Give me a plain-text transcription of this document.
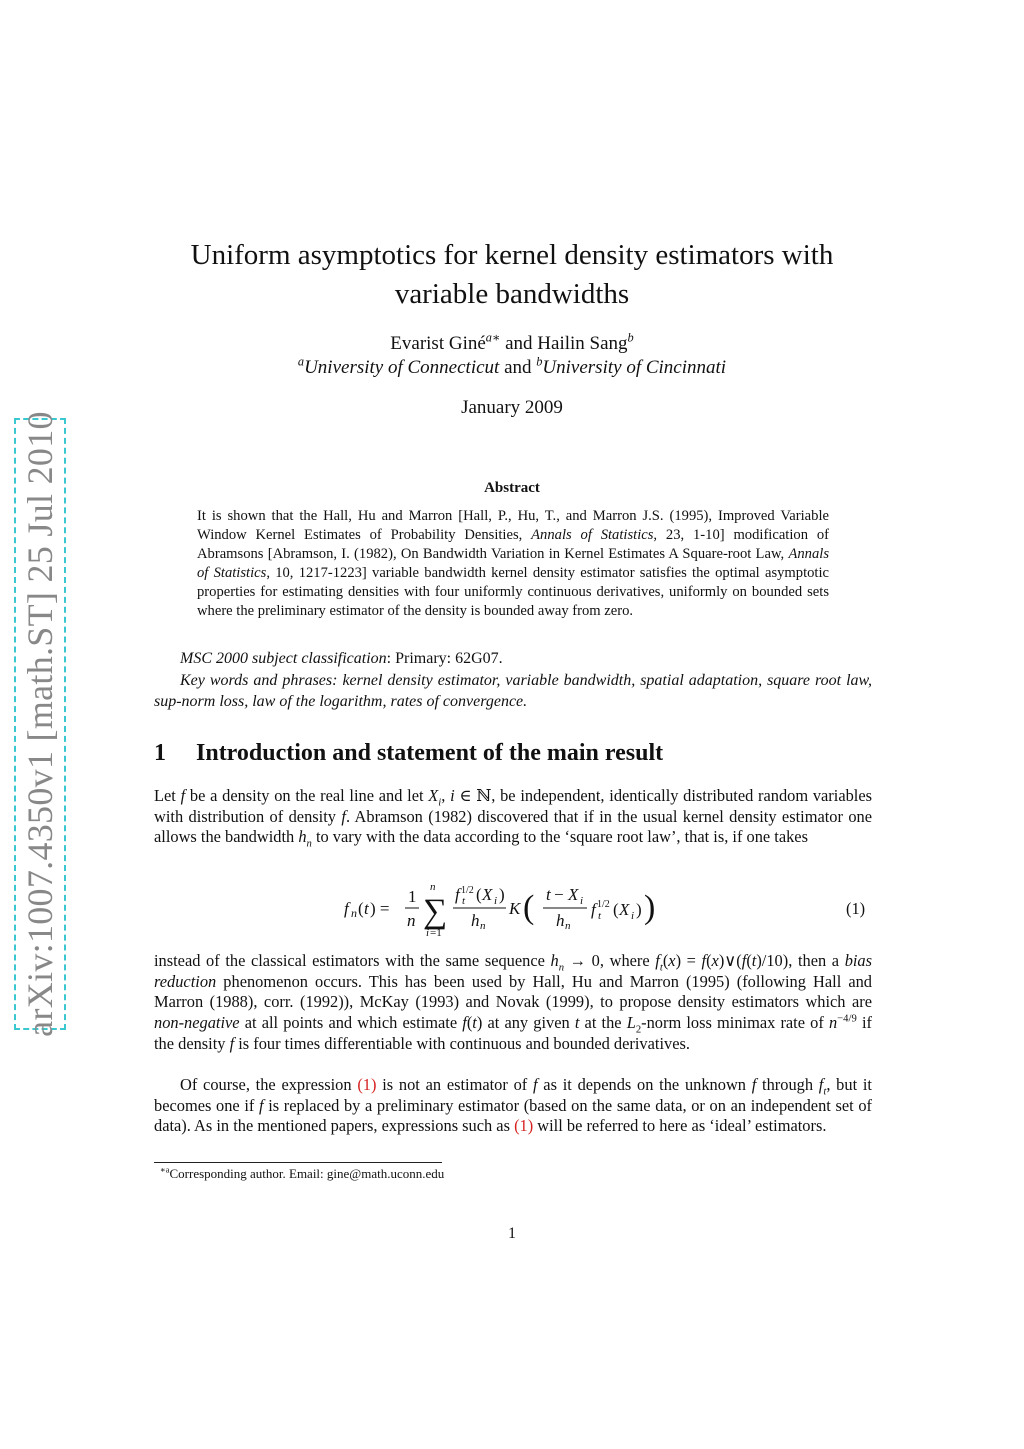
arXiv:1007.4350v1 [math.ST] 25 Jul 2010
Uniform asymptotics for kernel density estimators with variable bandwidths
Evarist Giné$^{a∗}$ and Hailin Sang$^b$
$^a$University of Connecticut and $^b$University of Cincinnati
January 2009
Abstract
It is shown that the Hall, Hu and Marron [Hall, P., Hu, T., and Marron J.S. (1995), Improved Variable Window Kernel Estimates of Probability Densities, Annals of Statistics, 23, 1-10] modification of Abramsons [Abramson, I. (1982), On Bandwidth Variation in Kernel Estimates A Square-root Law, Annals of Statistics, 10, 1217-1223] variable bandwidth kernel density estimator satisfies the optimal asymptotic properties for estimating densities with four uniformly continuous derivatives, uniformly on bounded sets where the preliminary estimator of the density is bounded away from zero.
MSC 2000 subject classification: Primary: 62G07.
Key words and phrases: kernel density estimator, variable bandwidth, spatial adaptation, square root law, sup-norm loss, law of the logarithm, rates of convergence.
1 Introduction and statement of the main result
Let f be a density on the real line and let $X_i$, i ∈ ℕ, be independent, identically distributed random variables with distribution of density f. Abramson (1982) discovered that if in the usual kernel density estimator one allows the bandwidth $h_n$ to vary with the data according to the ‘square root law’, that is, if one takes
f n ( t ) =
1
n
n
∑
i =1
f 1/2
t ( X i )
h n
K ( t − X i
h n
f 1/2
t ( X i ) )	(1)
instead of the classical estimators with the same sequence $h_n \to 0$, where $f_t(x)$ = f(x)∨(f(t)/10), then a bias reduction phenomenon occurs. This has been used by Hall, Hu and Marron (1995) (following Hall and Marron (1988), corr. (1992)), McKay (1993) and Novak (1999), to propose density estimators which are non-negative at all points and which estimate f(t) at any given t at the $L_2$-norm loss minimax rate of $n^{-4/9}$ if the density f is four times differentiable with continuous and bounded derivatives.
Of course, the expression (1) is not an estimator of f as it depends on the unknown f through $f_t$, but it becomes one if f is replaced by a preliminary estimator (based on the same data, or on an independent set of data). As in the mentioned papers, expressions such as (1) will be referred to here as ‘ideal’ estimators.
$^{∗a}$Corresponding author. Email: gine@math.uconn.edu
1
